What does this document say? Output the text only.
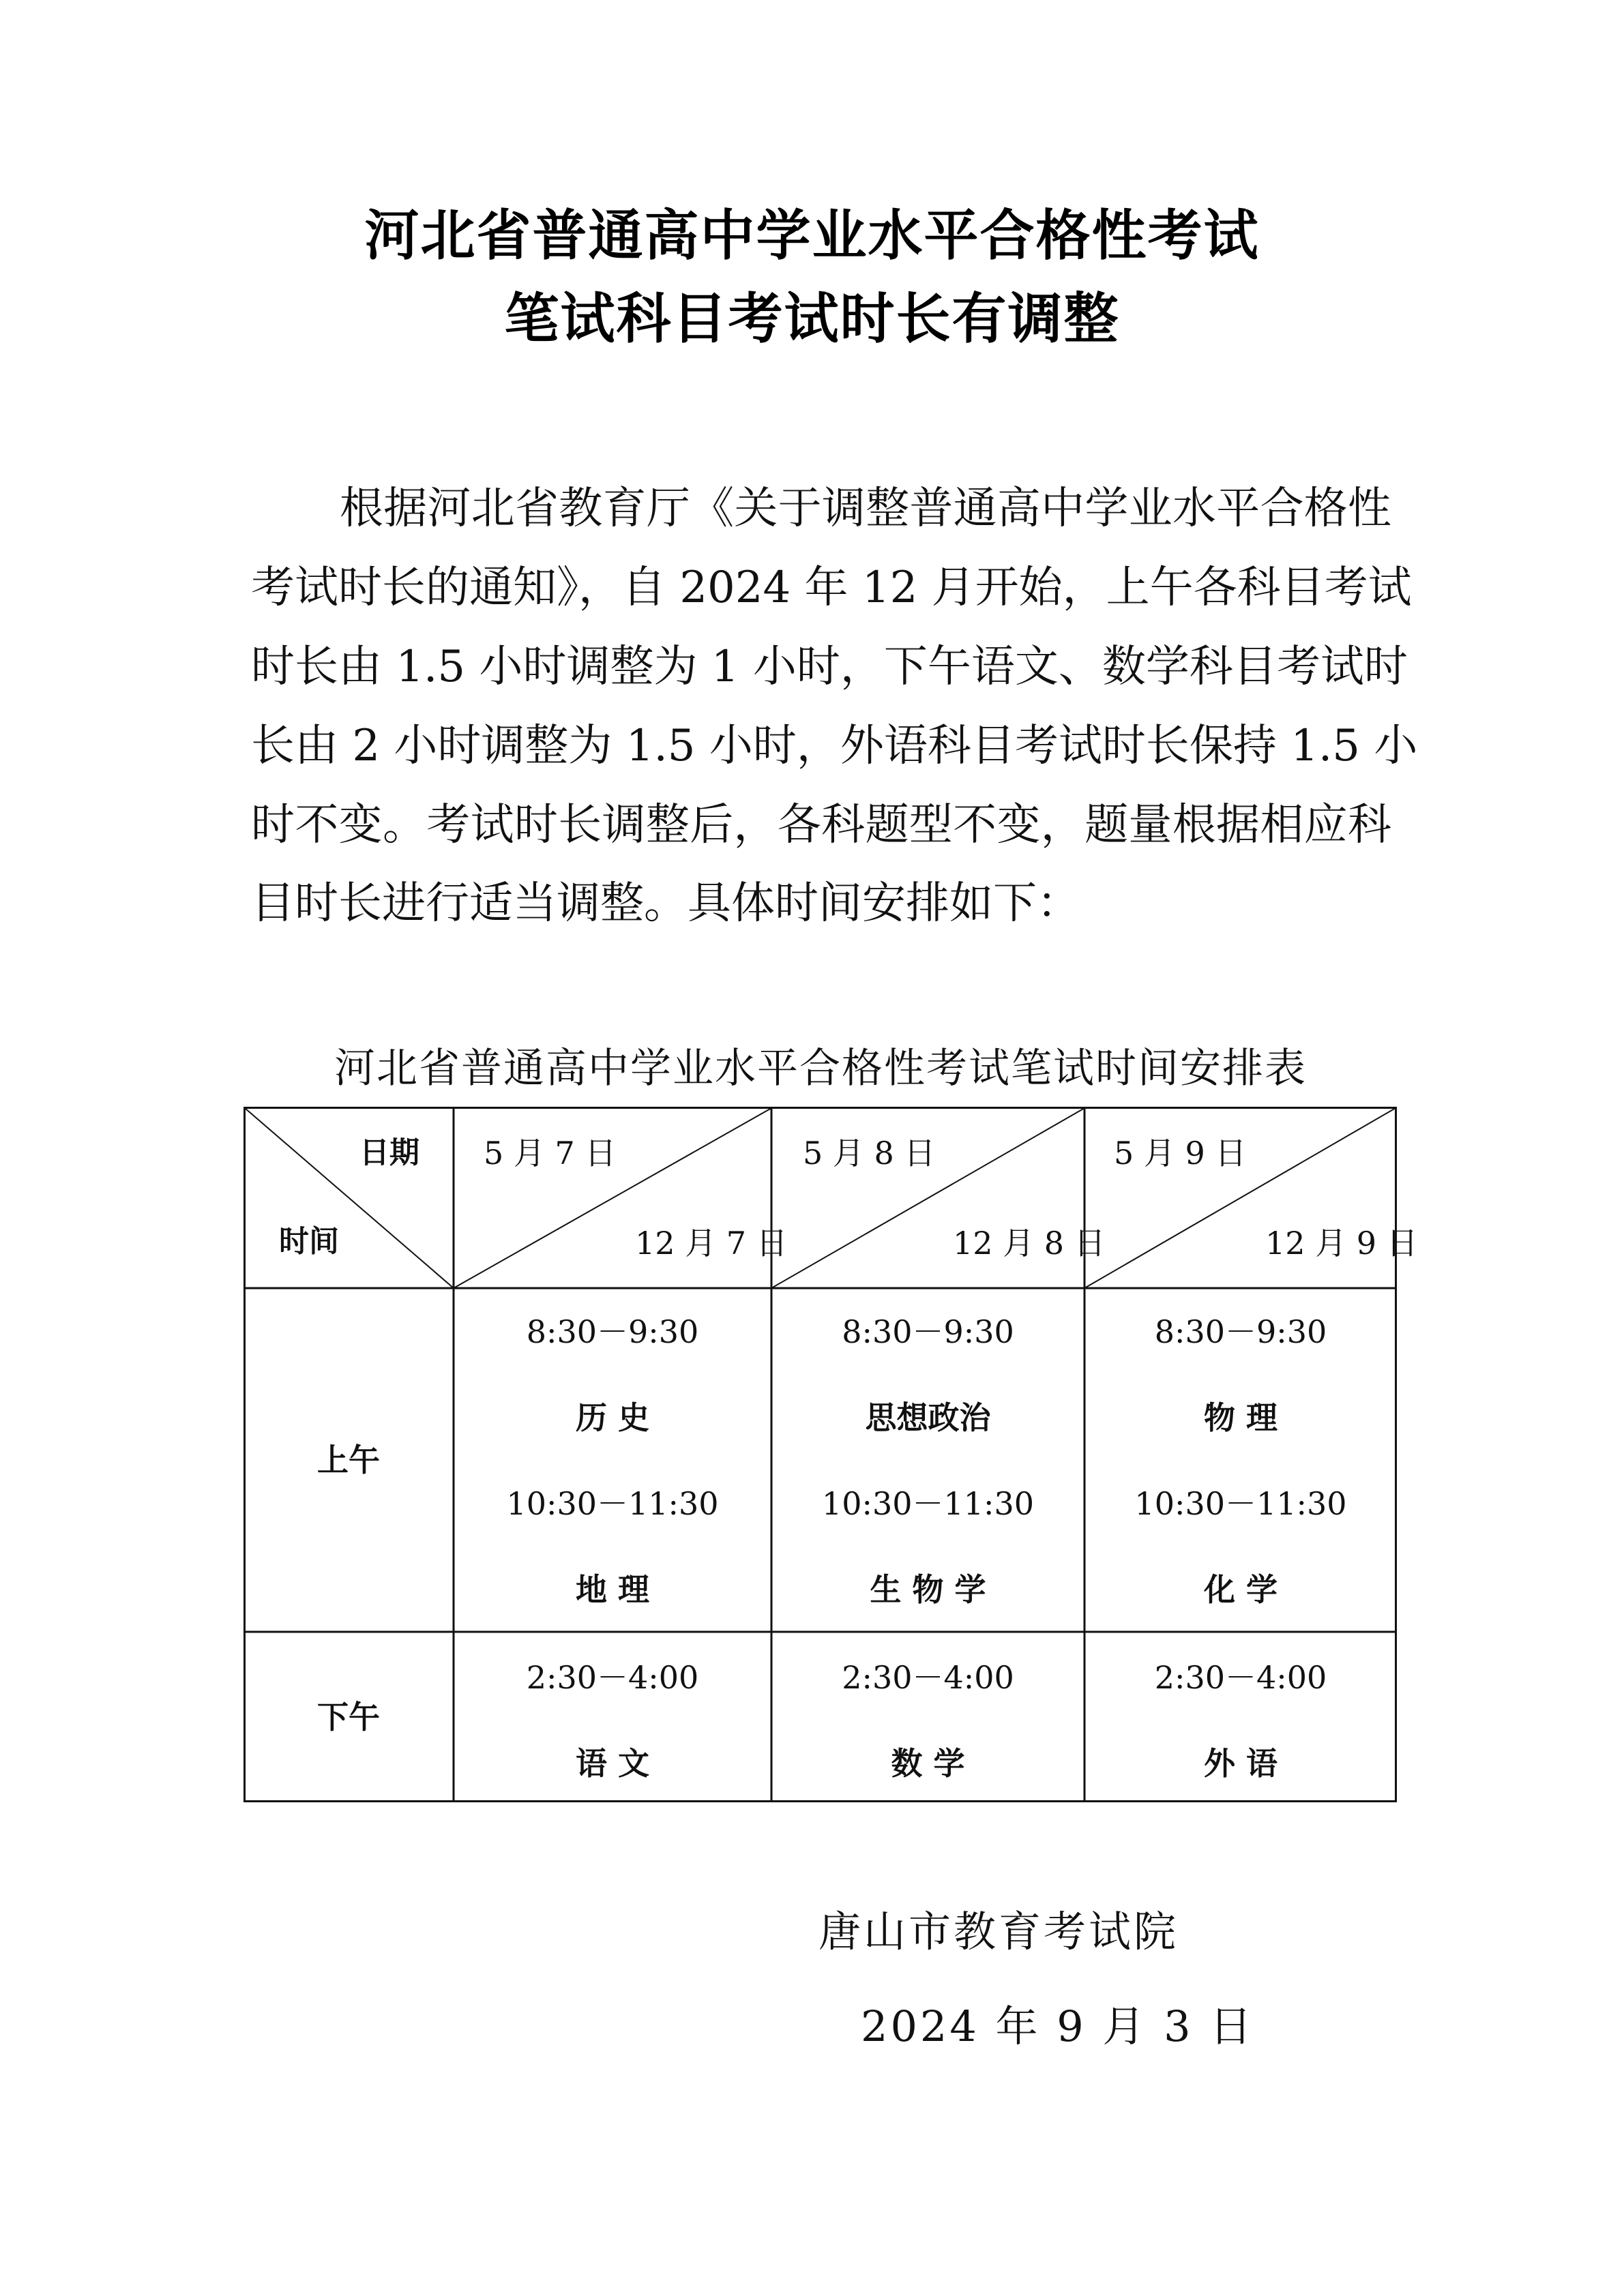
河北省普通高中学业水平合格性考试
笔试科目考试时长有调整
根据河北省教育厅《关于调整普通高中学业水平合格性
考试时长的通知》，自 2024 年 12 月开始，上午各科目考试
时长由 1.5 小时调整为 1 小时，下午语文、数学科目考试时
长由 2 小时调整为 1.5 小时，外语科目考试时长保持 1.5 小
时不变。考试时长调整后，各科题型不变，题量根据相应科
目时长进行适当调整。具体时间安排如下：
河北省普通高中学业水平合格性考试笔试时间安排表
日期
时间
5 月 7 日
12 月 7 日
5 月 8 日
12 月 8 日
5 月 9 日
12 月 9 日
上午
下午
8:30－9:30
历 史
10:30－11:30
地 理
8:30－9:30
思想政治
10:30－11:30
生 物 学
8:30－9:30
物 理
10:30－11:30
化 学
2:30－4:00
语 文
2:30－4:00
数 学
2:30－4:00
外 语
唐山市教育考试院
2024 年 9 月 3 日
